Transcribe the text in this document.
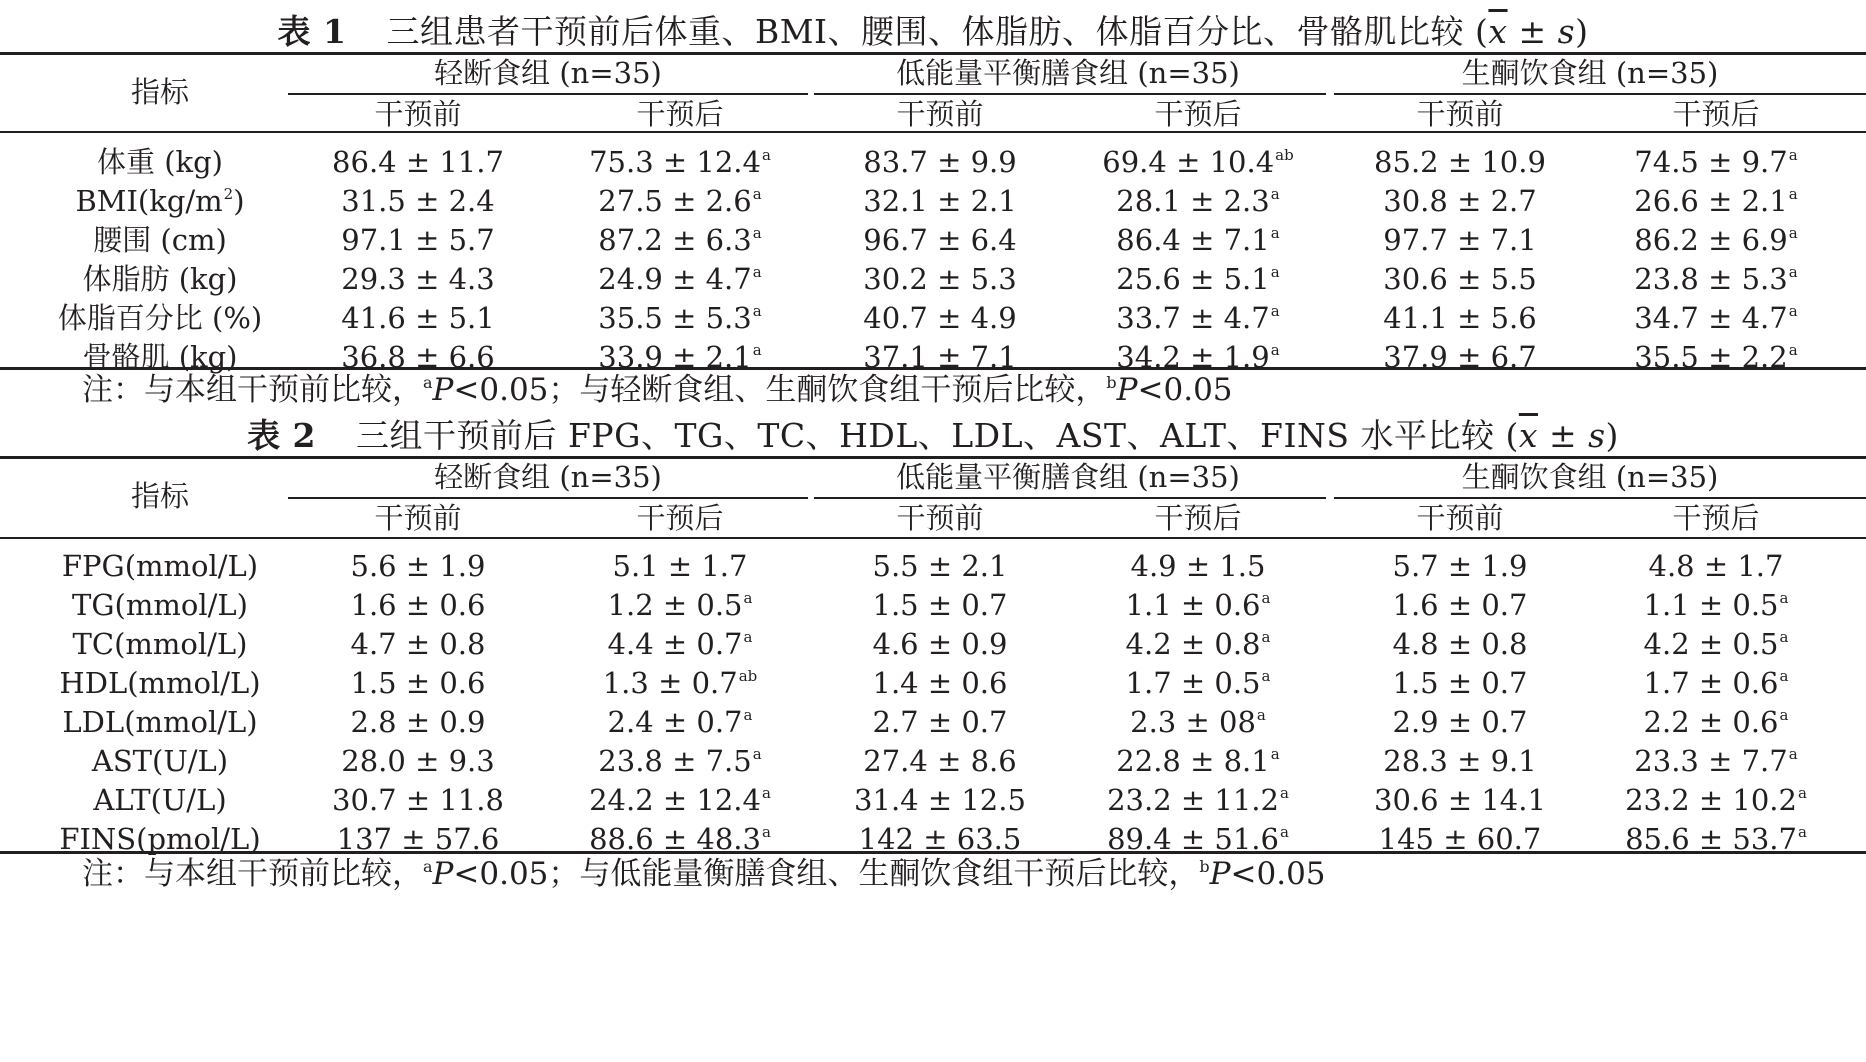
表 1 三组患者干预前后体重、BMI、腰围、体脂肪、体脂百分比、骨骼肌比较 $(\overline{x} \pm s)$
表 2 三组干预前后 FPG、TG、TC、HDL、LDL、AST、ALT、FINS 水平比较 $(\overline{x} \pm s)$
注：与本组干预前比较，$^a$P<0.05；与轻断食组、生酮饮食组干预后比较，$^b$P<0.05
注：与本组干预前比较，$^a$P<0.05；与低能量衡膳食组、生酮饮食组干预后比较，$^b$P<0.05
指标
轻断食组 (n=35)	低能量平衡膳食组 (n=35)	生酮饮食组 (n=35)
干预前	干预后	干预前	干预后	干预前	干预后
体重 (kg)	86.4 ± 11.7	75.3 ± 12.4$^a$	83.7 ± 9.9	69.4 ± 10.4$^{ab}$	85.2 ± 10.9	74.5 ± 9.7$^a$
$BMI(kg/m^2)$	31.5 ± 2.4	27.5 ± 2.6$^a$	32.1 ± 2.1	28.1 ± 2.3$^a$	30.8 ± 2.7	26.6 ± 2.1$^a$
腰围 (cm)	97.1 ± 5.7	87.2 ± 6.3$^a$	96.7 ± 6.4	86.4 ± 7.1$^a$	97.7 ± 7.1	86.2 ± 6.9$^a$
体脂肪 (kg)	29.3 ± 4.3	24.9 ± 4.7$^a$	30.2 ± 5.3	25.6 ± 5.1$^a$	30.6 ± 5.5	23.8 ± 5.3$^a$
体脂百分比 (%)	41.6 ± 5.1	35.5 ± 5.3$^a$	40.7 ± 4.9	33.7 ± 4.7$^a$	41.1 ± 5.6	34.7 ± 4.7$^a$
骨骼肌 (kg)	36.8 ± 6.6	33.9 ± 2.1$^a$	37.1 ± 7.1	34.2 ± 1.9$^a$	37.9 ± 6.7	35.5 ± 2.2$^a$
指标
轻断食组 (n=35)	低能量平衡膳食组 (n=35)	生酮饮食组 (n=35)
干预前	干预后	干预前	干预后	干预前	干预后
FPG(mmol/L)	5.6 ± 1.9	5.1 ± 1.7	5.5 ± 2.1	4.9 ± 1.5	5.7 ± 1.9	4.8 ± 1.7
TG(mmol/L)	1.6 ± 0.6	1.2 ± 0.5$^a$	1.5 ± 0.7	1.1 ± 0.6$^a$	1.6 ± 0.7	1.1 ± 0.5$^a$
TC(mmol/L)	4.7 ± 0.8	4.4 ± 0.7$^a$	4.6 ± 0.9	4.2 ± 0.8$^a$	4.8 ± 0.8	4.2 ± 0.5$^a$
HDL(mmol/L)	1.5 ± 0.6	1.3 ± 0.7$^{ab}$	1.4 ± 0.6	1.7 ± 0.5$^a$	1.5 ± 0.7	1.7 ± 0.6$^a$
LDL(mmol/L)	2.8 ± 0.9	2.4 ± 0.7$^a$	2.7 ± 0.7	$2.3 \pm 08^a$	2.9 ± 0.7	2.2 ± 0.6$^a$
AST(U/L)	28.0 ± 9.3	23.8 ± 7.5$^a$	27.4 ± 8.6	22.8 ± 8.1$^a$	28.3 ± 9.1	23.3 ± 7.7$^a$
ALT(U/L)	30.7 ± 11.8	24.2 ± 12.4$^a$	31.4 ± 12.5	23.2 ± 11.2$^a$	30.6 ± 14.1	23.2 ± 10.2$^a$
FINS(pmol/L)	137 ± 57.6	88.6 ± 48.3$^a$	142 ± 63.5	89.4 ± 51.6$^a$	145 ± 60.7	85.6 ± 53.7$^a$
